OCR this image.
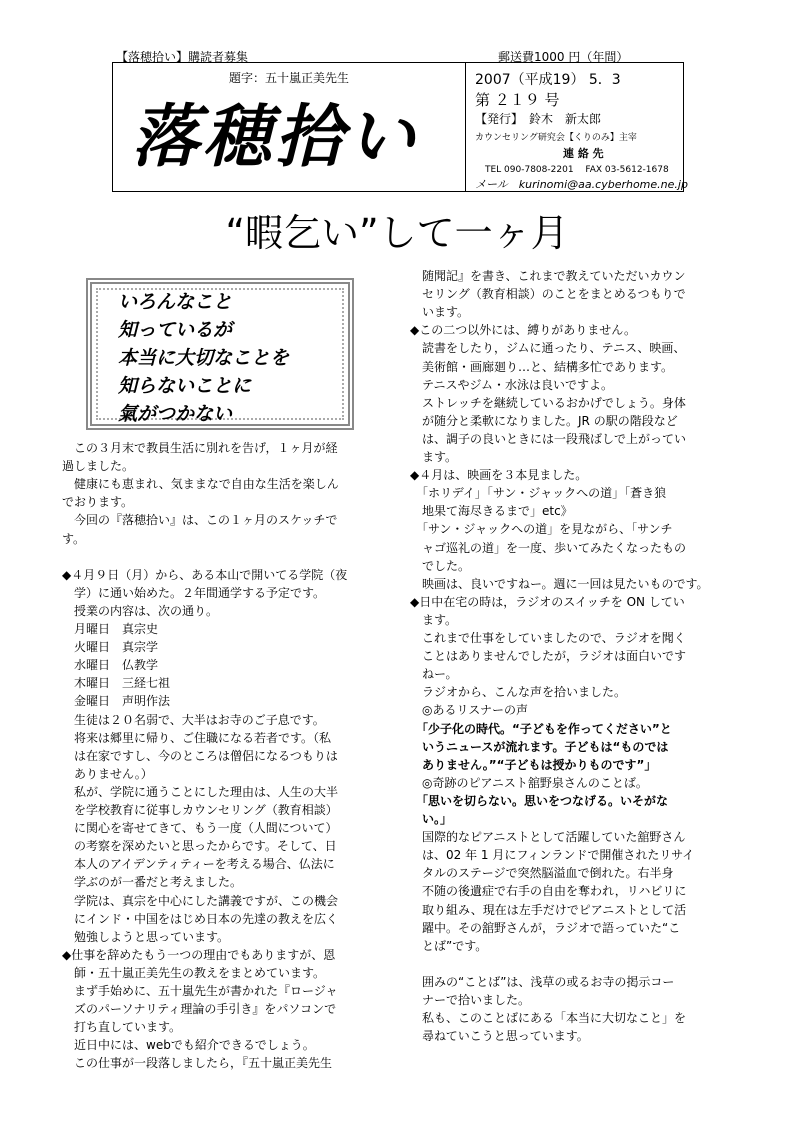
【落穂拾い】購読者募集	郵送費1000 円（年間）
題字：五十嵐正美先生
落穂拾い
2007（平成19） 5．3
第 ２１９ 号
【発行】　鈴木　新太郎
カウンセリング研究会【くりのみ】主宰
連 絡 先
TEL 090-7808-2201　 FAX 03-5612-1678
メール　kurinomi@aa.cyberhome.ne.jp
“暇乞い”して一ヶ月
いろんなこと
知っているが
本当に大切なことを
知らないことに
氣がつかない
　この３月末で教員生活に別れを告げ，１ヶ月が経
過しました。
　健康にも恵まれ、気ままなで自由な生活を楽しん
でおります。
　今回の『落穂拾い』は、この１ヶ月のスケッチで
す。
◆４月９日（月）から、ある本山で開いてる学院（夜
　学）に通い始めた。２年間通学する予定です。
　授業の内容は、次の通り。
　月曜日　真宗史
　火曜日　真宗学
　水曜日　仏教学
　木曜日　三経七祖
　金曜日　声明作法
　生徒は２０名弱で、大半はお寺のご子息です。
　将来は郷里に帰り、ご住職になる若者です。（私
　は在家ですし、今のところは僧侶になるつもりは
　ありません。）
　私が、学院に通うことにした理由は、人生の大半
　を学校教育に従事しカウンセリング（教育相談）
　に関心を寄せてきて、もう一度（人間について）
　の考察を深めたいと思ったからです。そして、日
　本人のアイデンティティーを考える場合、仏法に
　学ぶのが一番だと考えました。
　学院は、真宗を中心にした講義ですが、この機会
　にインド・中国をはじめ日本の先達の教えを広く
　勉強しようと思っています。
◆仕事を辞めたもう一つの理由でもありますが、恩
　師・五十嵐正美先生の教えをまとめています。
　まず手始めに、五十嵐先生が書かれた『ロージャ
　ズのパーソナリティ理論の手引き』をパソコンで
　打ち直しています。
　近日中には、webでも紹介できるでしょう。
　この仕事が一段落しましたら，『五十嵐正美先生
　随聞記』を書き、これまで教えていただいカウン
　セリング（教育相談）のことをまとめるつもりで
　います。
◆この二つ以外には、縛りがありません。
　読書をしたり，ジムに通ったり、テニス、映画、
　美術館・画廊廻り…と、結構多忙であります。
　テニスやジム・水泳は良いですよ。
　ストレッチを継続しているおかげでしょう。身体
　が随分と柔軟になりました。JR の駅の階段など
　は、調子の良いときには一段飛ばしで上がってい
　ます。
◆４月は、映画を３本見ました。
　「ホリデイ」「サン・ジャックへの道」「蒼き狼
　地果て海尽きるまで」etc》
　「サン・ジャックへの道」を見ながら、「サンチ
　ャゴ巡礼の道」を一度、歩いてみたくなったもの
　でした。
　映画は、良いですねー。週に一回は見たいものです。
◆日中在宅の時は，ラジオのスイッチを ON してい
　ます。
　これまで仕事をしていましたので、ラジオを聞く
　ことはありませんでしたが，ラジオは面白いです
　ねー。
　ラジオから、こんな声を拾いました。
　◎あるリスナーの声
　「少子化の時代。“子どもを作ってください”と
　いうニュースが流れます。子どもは“ものでは
　ありません。”“子どもは授かりものです”」
　◎奇跡のピアニスト舘野泉さんのことば。
　「思いを切らない。思いをつなげる。いそがな
　い。」
　国際的なピアニストとして活躍していた舘野さん
　は、02 年 1 月にフィンランドで開催されたリサイ
　タルのステージで突然脳溢血で倒れた。右半身
　不随の後遺症で右手の自由を奪われ，リハビリに
　取り組み、現在は左手だけでピアニストとして活
　躍中。その舘野さんが，ラジオで語っていた“こ
　とば”です。
　囲みの“ことば”は、浅草の或るお寺の掲示コー
　ナーで拾いました。
　私も、このことばにある「本当に大切なこと」を
　尋ねていこうと思っています。
